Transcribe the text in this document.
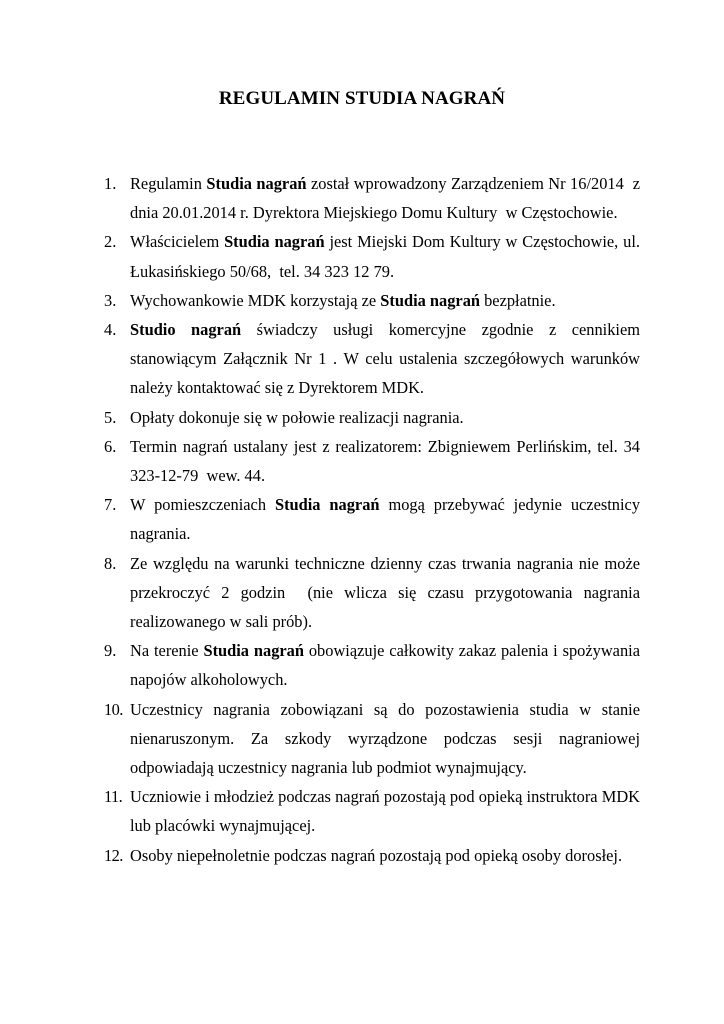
REGULAMIN STUDIA NAGRAŃ
1. Regulamin Studia nagrań został wprowadzony Zarządzeniem Nr 16/2014  z  dnia 20.01.2014 r. Dyrektora Miejskiego Domu Kultury  w Częstochowie.
2. Właścicielem Studia nagrań jest Miejski Dom Kultury w Częstochowie, ul. Łukasińskiego 50/68,  tel. 34 323 12 79.
3. Wychowankowie MDK korzystają ze Studia nagrań bezpłatnie.
4. Studio nagrań świadczy usługi komercyjne zgodnie z cennikiem stanowiącym Załącznik Nr 1 . W celu ustalenia szczegółowych warunków należy kontaktować się z Dyrektorem MDK.
5. Opłaty dokonuje się w połowie realizacji nagrania.
6. Termin nagrań ustalany jest z realizatorem: Zbigniewem Perlińskim, tel. 34 323-12-79  wew. 44.
7. W pomieszczeniach Studia nagrań mogą przebywać jedynie uczestnicy nagrania.
8. Ze względu na warunki techniczne dzienny czas trwania nagrania nie może przekroczyć 2 godzin  (nie wlicza się czasu przygotowania nagrania realizowanego w sali prób).
9. Na terenie Studia nagrań obowiązuje całkowity zakaz palenia i spożywania napojów alkoholowych.
10. Uczestnicy nagrania zobowiązani są do pozostawienia studia w stanie nienaruszonym. Za szkody wyrządzone podczas sesji nagraniowej odpowiadają uczestnicy nagrania lub podmiot wynajmujący.
11. Uczniowie i młodzież podczas nagrań pozostają pod opieką instruktora MDK  lub placówki wynajmującej.
12. Osoby niepełnoletnie podczas nagrań pozostają pod opieką osoby dorosłej.
